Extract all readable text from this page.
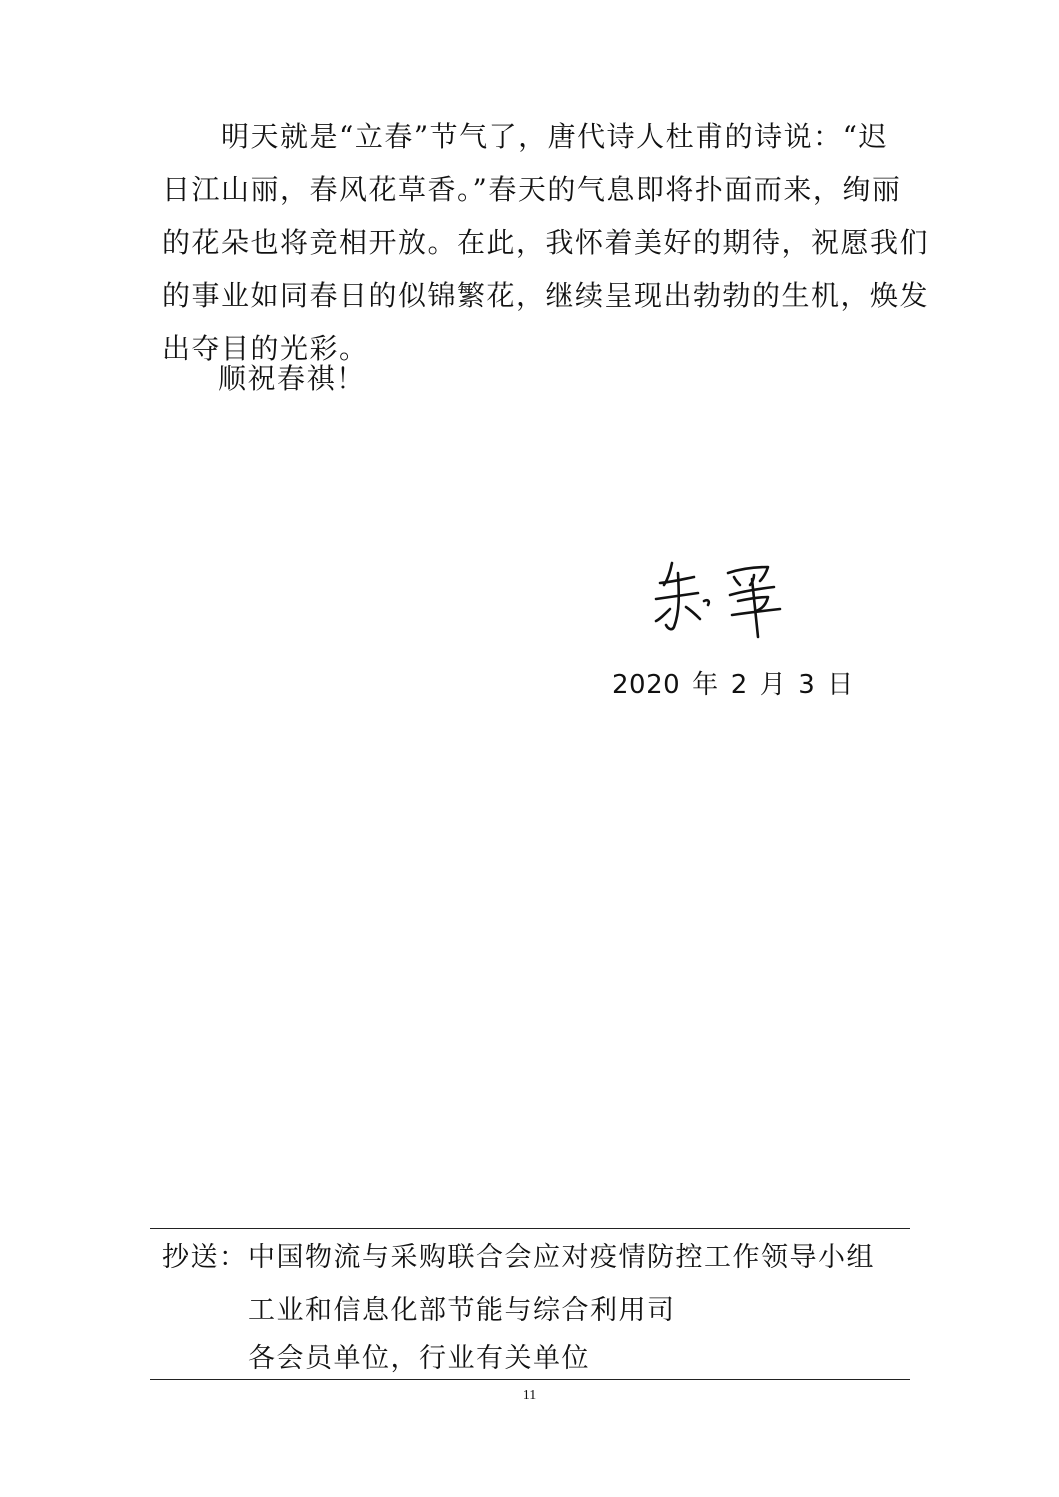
　　明天就是“立春”节气了，唐代诗人杜甫的诗说：“迟
日江山丽，春风花草香。”春天的气息即将扑面而来，绚丽
的花朵也将竞相开放。在此，我怀着美好的期待，祝愿我们
的事业如同春日的似锦繁花，继续呈现出勃勃的生机，焕发
出夺目的光彩。
顺祝春祺！
2020 年 2 月 3 日
抄送： 中国物流与采购联合会应对疫情防控工作领导小组
工业和信息化部节能与综合利用司
各会员单位，行业有关单位
11
